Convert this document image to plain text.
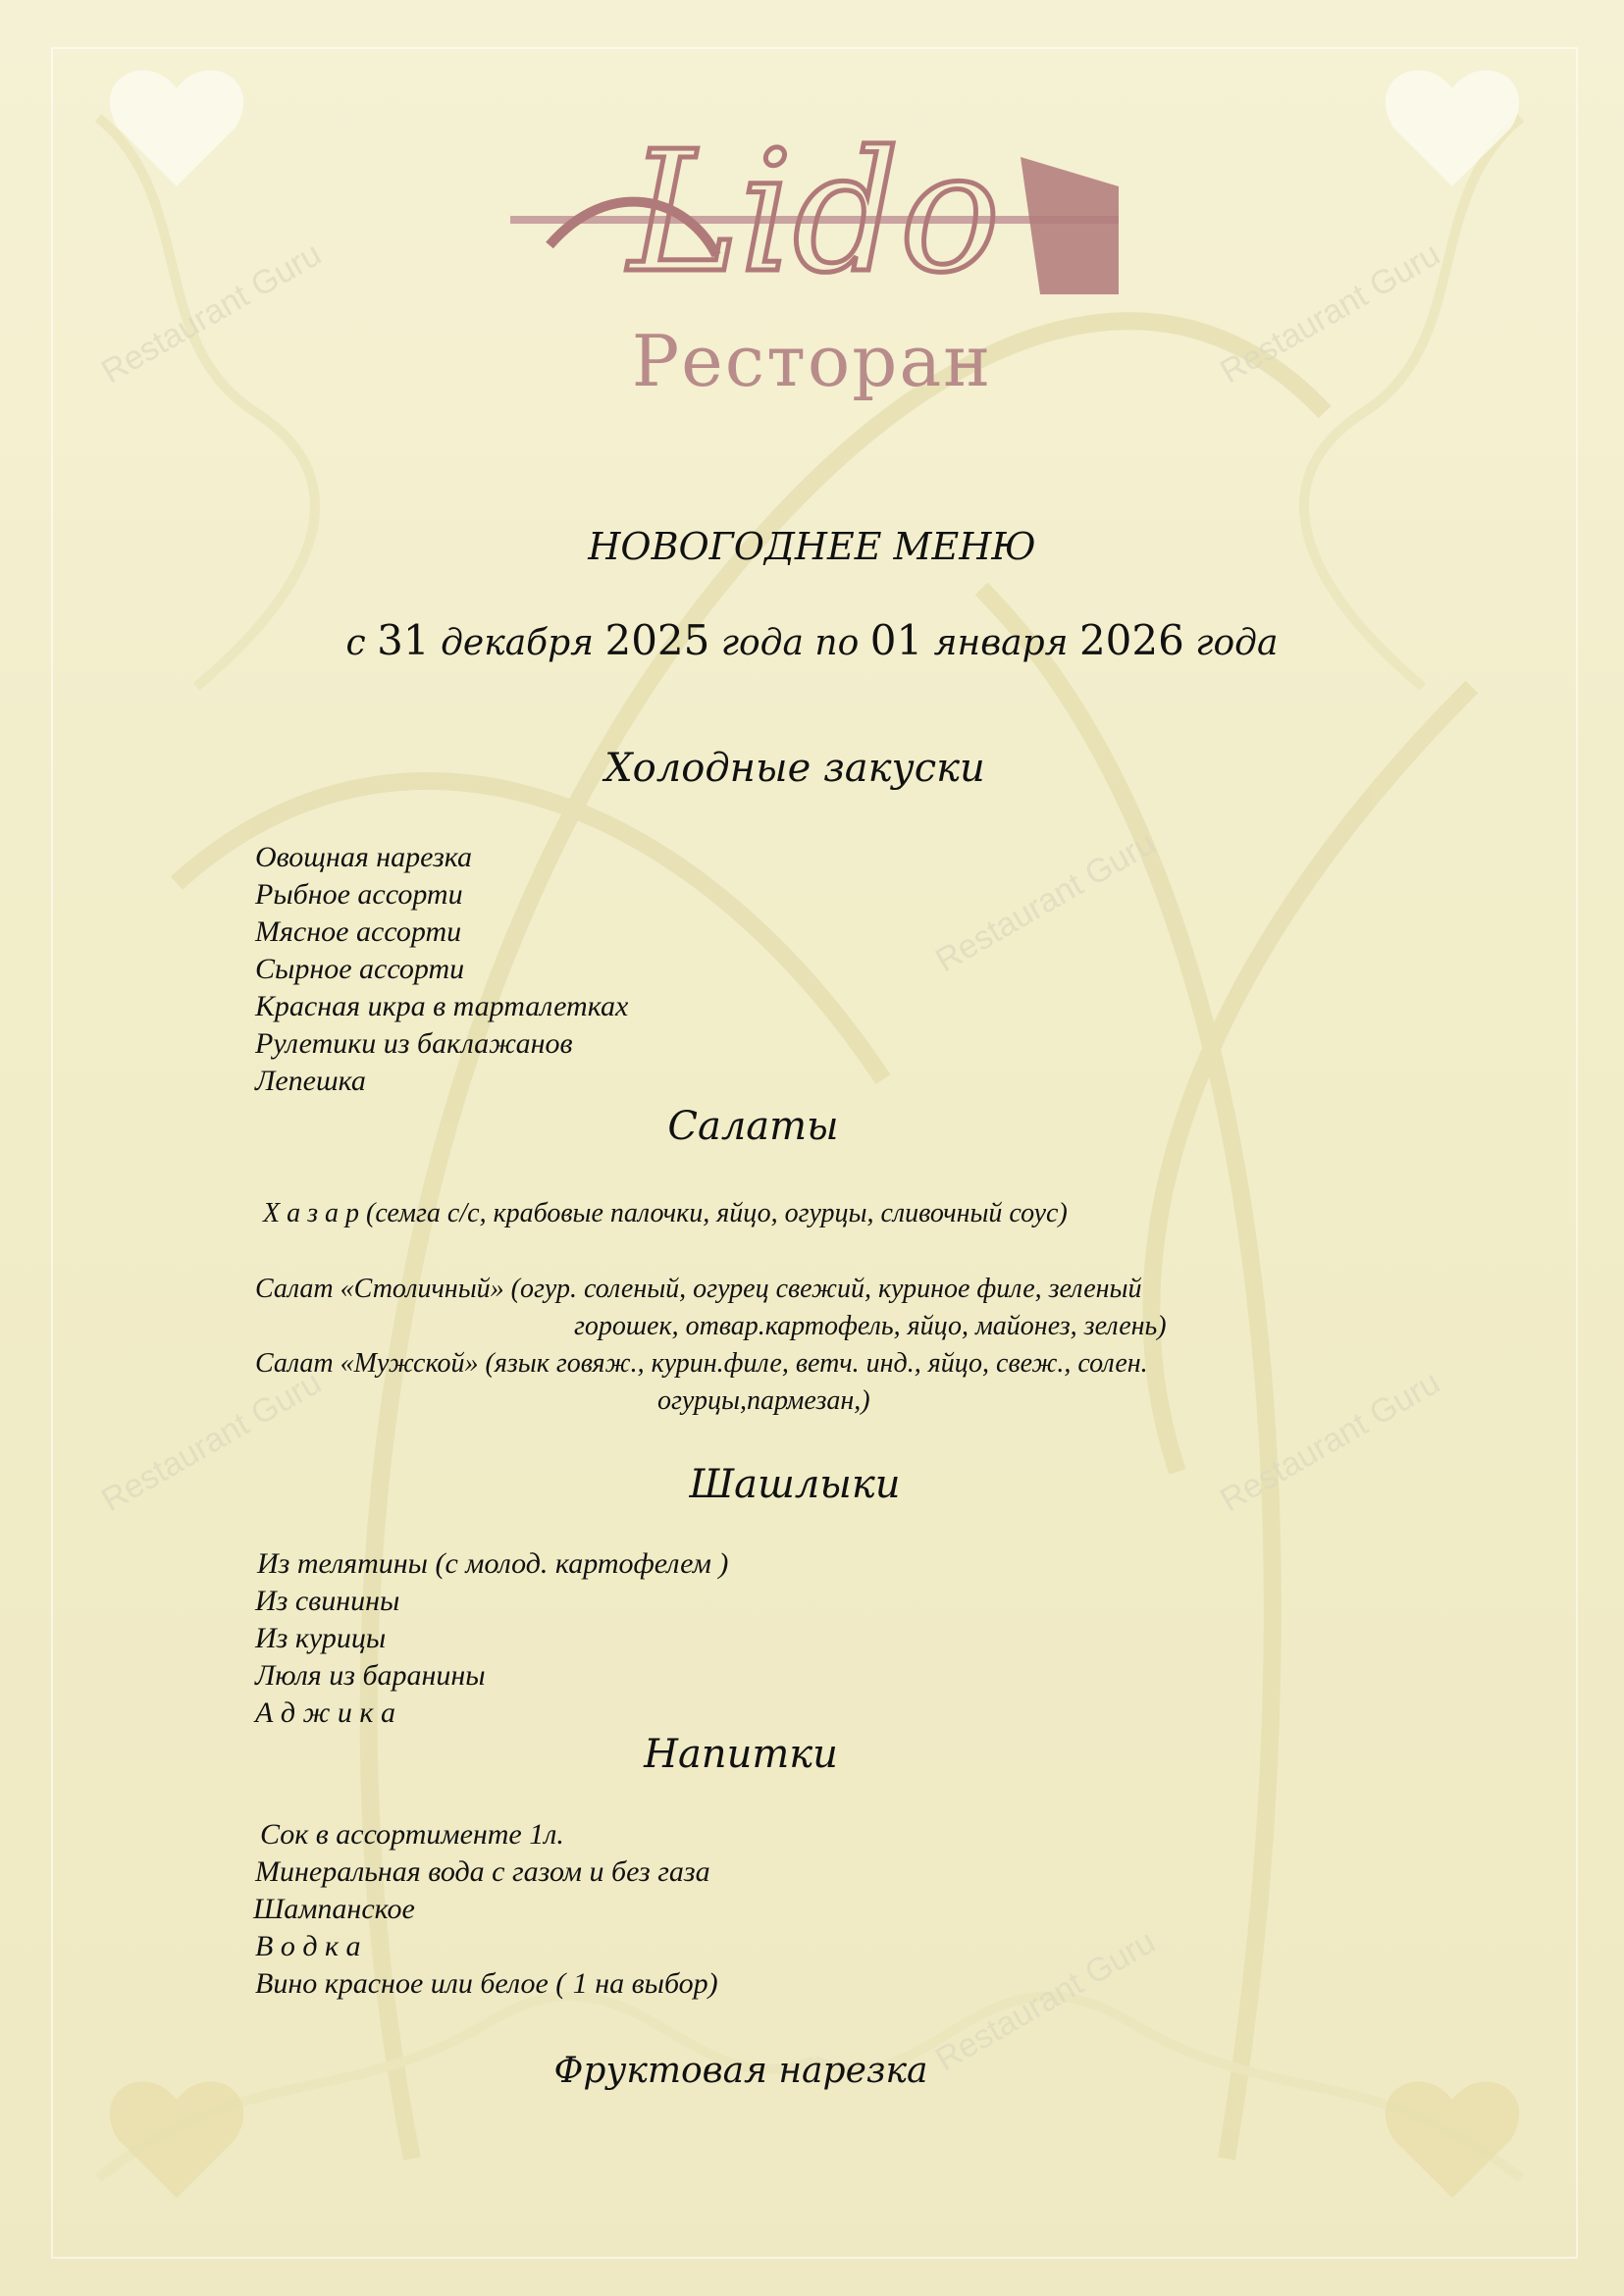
Restaurant Guru	Restaurant Guru
Restaurant Guru
Restaurant Guru	Restaurant Guru
Restaurant Guru
Lido
Ресторан
НОВОГОДНЕЕ МЕНЮ
с 31 декабря 2025 года по 01 января 2026 года
Холодные закуски
Овощная нарезка
Рыбное ассорти
Мясное ассорти
Сырное ассорти
Красная икра в тарталетках
Рулетики из баклажанов
Лепешка
Салаты
Х а з а р (семга с/с, крабовые палочки, яйцо, огурцы, сливочный соус)
Салат «Столичный» (огур. соленый, огурец свежий, куриное филе, зеленый
горошек, отвар.картофель, яйцо, майонез, зелень)
Салат «Мужской» (язык говяж., курин.филе, ветч. инд., яйцо, свеж., солен.
огурцы,пармезан,)
Шашлыки
Из телятины (с молод. картофелем )
Из свинины
Из курицы
Люля из баранины
А д ж и к а
Напитки
Сок в ассортименте 1л.
Минеральная вода с газом и без газа
Шампанское
В о д к а
Вино красное или белое ( 1 на выбор)
Фруктовая нарезка
